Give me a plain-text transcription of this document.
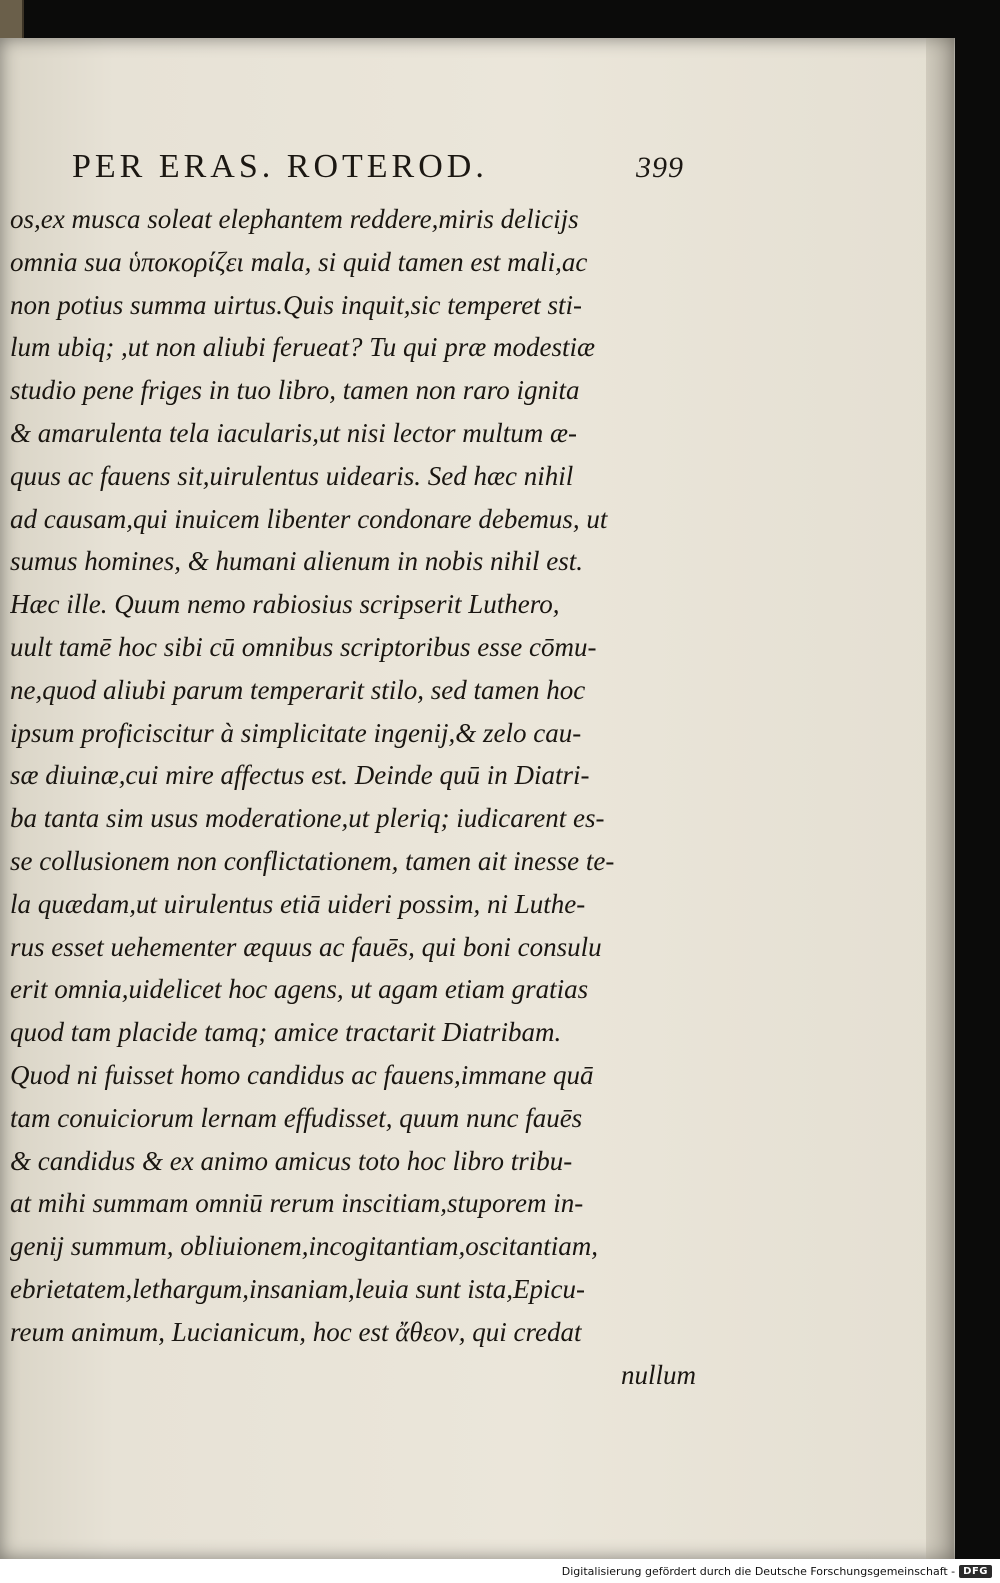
PER ERAS. ROTEROD.	399
os,ex musca soleat elephantem reddere,miris delicijs
omnia sua ὑποκορίζει mala, si quid tamen est mali,ac
non potius summa uirtus.Quis inquit,sic temperet sti-
lum ubiq; ,ut non aliubi ferueat? Tu qui præ modestiæ
studio pene friges in tuo libro, tamen non raro ignita
& amarulenta tela iacularis,ut nisi lector multum æ-
quus ac fauens sit,uirulentus uidearis. Sed hæc nihil
ad causam,qui inuicem libenter condonare debemus, ut
sumus homines, & humani alienum in nobis nihil est.
Hæc ille. Quum nemo rabiosius scripserit Luthero,
uult tamē hoc sibi cū omnibus scriptoribus esse cōmu-
ne,quod aliubi parum temperarit stilo, sed tamen hoc
ipsum proficiscitur à simplicitate ingenij,& zelo cau-
sæ diuinæ,cui mire affectus est. Deinde quū in Diatri-
ba tanta sim usus moderatione,ut pleriq; iudicarent es-
se collusionem non conflictationem, tamen ait inesse te-
la quædam,ut uirulentus etiā uideri possim, ni Luthe-
rus esset uehementer æquus ac fauēs, qui boni consulu
erit omnia,uidelicet hoc agens, ut agam etiam gratias
quod tam placide tamq; amice tractarit Diatribam.
Quod ni fuisset homo candidus ac fauens,immane quā
tam conuiciorum lernam effudisset, quum nunc fauēs
& candidus & ex animo amicus toto hoc libro tribu-
at mihi summam omniū rerum inscitiam,stuporem in-
genij summum, obliuionem,incogitantiam,oscitantiam,
ebrietatem,lethargum,insaniam,leuia sunt ista,Epicu-
reum animum, Lucianicum, hoc est ἄθεον, qui credat
nullum
Digitalisierung gefördert durch die Deutsche Forschungsgemeinschaft - DFG
